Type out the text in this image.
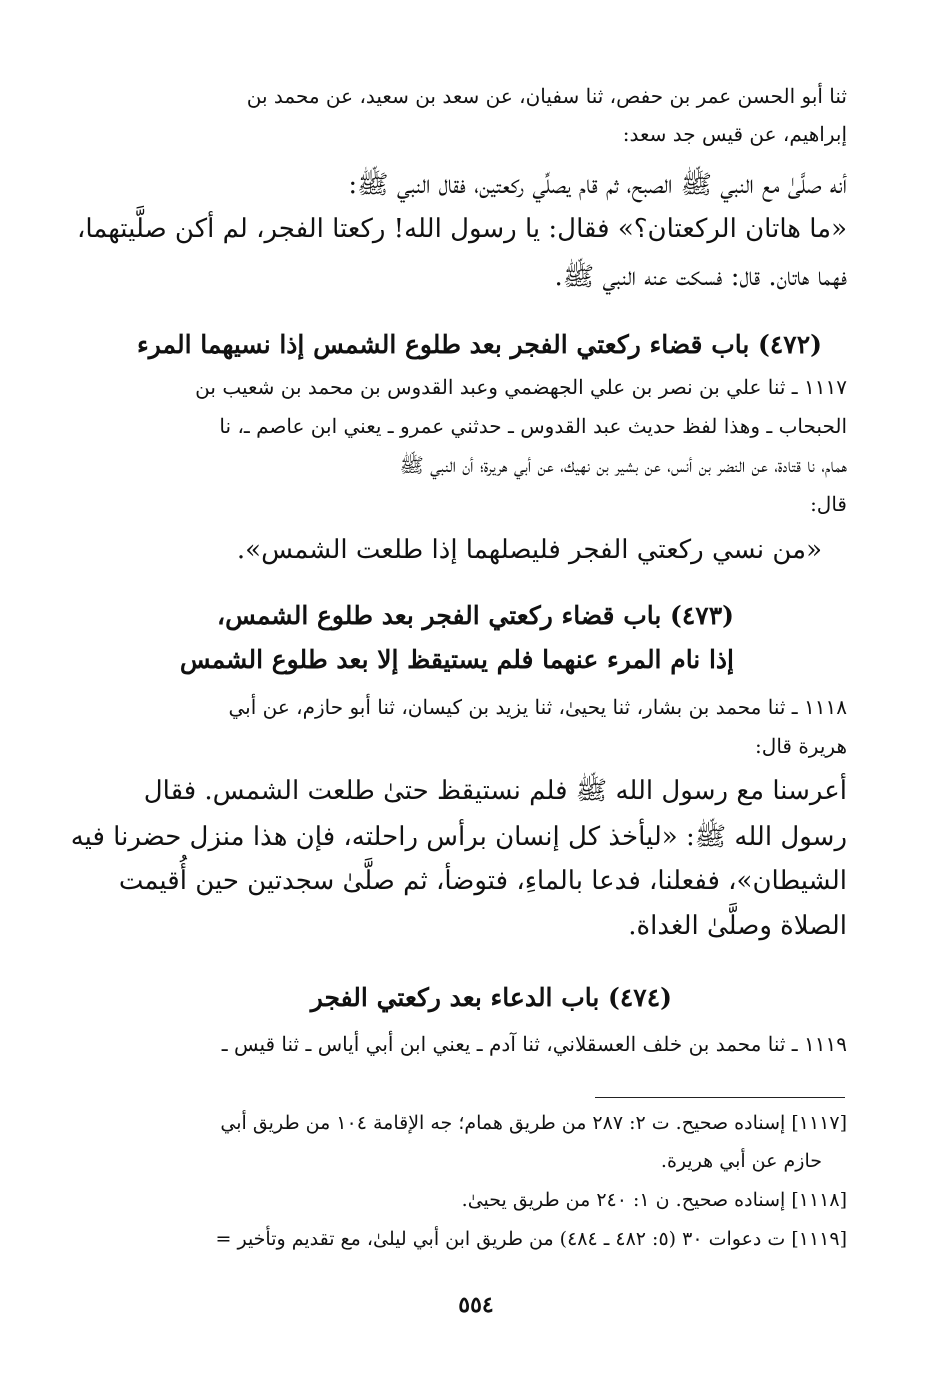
ثنا أبو الحسن عمر بن حفص، ثنا سفيان، عن سعد بن سعيد، عن محمد بن
إبراهيم، عن قيس جد سعد:
أنه صلَّىٰ مع النبي ﷺ الصبح، ثم قام يصلِّي ركعتين، فقال النبي ﷺ:
«ما هاتان الركعتان؟» فقال: يا رسول الله! ركعتا الفجر، لم أكن صلَّيتهما،
فهما هاتان. قال: فسكت عنه النبي ﷺ.
(٤٧٢) باب قضاء ركعتي الفجر بعد طلوع الشمس إذا نسيهما المرء
١١١٧ ـ ثنا علي بن نصر بن علي الجهضمي وعبد القدوس بن محمد بن شعيب بن
الحبحاب ـ وهذا لفظ حديث عبد القدوس ـ حدثني عمرو ـ يعني ابن عاصم ـ، نا
همام، نا قتادة، عن النضر بن أنس، عن بشير بن نهيك، عن أبي هريرة؛ أن النبي ﷺ
قال:
«من نسي ركعتي الفجر فليصلهما إذا طلعت الشمس».
(٤٧٣) باب قضاء ركعتي الفجر بعد طلوع الشمس،
إذا نام المرء عنهما فلم يستيقظ إلا بعد طلوع الشمس
١١١٨ ـ ثنا محمد بن بشار، ثنا يحيىٰ، ثنا يزيد بن كيسان، ثنا أبو حازم، عن أبي
هريرة قال:
أعرسنا مع رسول الله ﷺ فلم نستيقظ حتىٰ طلعت الشمس. فقال
رسول الله ﷺ: «ليأخذ كل إنسان برأس راحلته، فإن هذا منزل حضرنا فيه
الشيطان»، ففعلنا، فدعا بالماءِ، فتوضأ، ثم صلَّىٰ سجدتين حين أُقيمت
الصلاة وصلَّىٰ الغداة.
(٤٧٤) باب الدعاء بعد ركعتي الفجر
١١١٩ ـ ثنا محمد بن خلف العسقلاني، ثنا آدم ـ يعني ابن أبي أياس ـ ثنا قيس ـ
[١١١٧] إسناده صحيح. ت ٢: ٢٨٧ من طريق همام؛ جه الإقامة ١٠٤ من طريق أبي
حازم عن أبي هريرة.
[١١١٨] إسناده صحيح. ن ١: ٢٤٠ من طريق يحيىٰ.
[١١١٩] ت دعوات ٣٠ (٥: ٤٨٢ ـ ٤٨٤) من طريق ابن أبي ليلىٰ، مع تقديم وتأخير =
٥٥٤
